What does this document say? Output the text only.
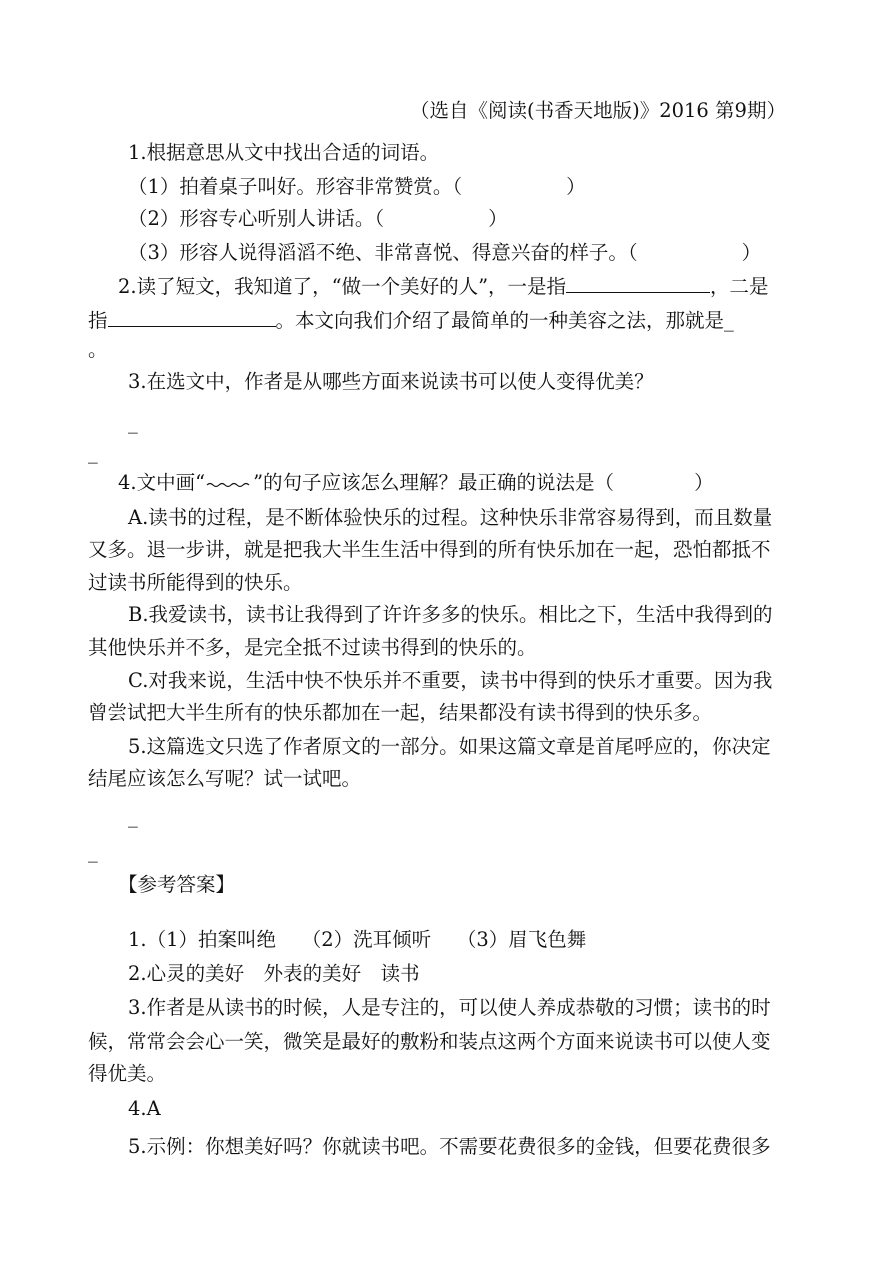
（选自《阅读(书香天地版)》2016 第9期）
1.根据意思从文中找出合适的词语。
（1）拍着桌子叫好。形容非常赞赏。（	）
（2）形容专心听别人讲话。（	）
（3）形容人说得滔滔不绝、非常喜悦、得意兴奋的样子。（	）
2.读了短文，我知道了，“做一个美好的人”，一是指	，二是
指	。本文向我们介绍了最简单的一种美容之法，那就是_
。
3.在选文中，作者是从哪些方面来说读书可以使人变得优美？
_
_
4.文中画“ ”的句子应该怎么理解？最正确的说法是（	）
A.读书的过程，是不断体验快乐的过程。这种快乐非常容易得到，而且数量
又多。退一步讲，就是把我大半生生活中得到的所有快乐加在一起，恐怕都抵不
过读书所能得到的快乐。
B.我爱读书，读书让我得到了许许多多的快乐。相比之下，生活中我得到的
其他快乐并不多，是完全抵不过读书得到的快乐的。
C.对我来说，生活中快不快乐并不重要，读书中得到的快乐才重要。因为我
曾尝试把大半生所有的快乐都加在一起，结果都没有读书得到的快乐多。
5.这篇选文只选了作者原文的一部分。如果这篇文章是首尾呼应的，你决定
结尾应该怎么写呢？试一试吧。
_
_
【参考答案】
1.（1）拍案叫绝　 （2）洗耳倾听　 （3）眉飞色舞
2.心灵的美好　外表的美好　读书
3.作者是从读书的时候，人是专注的，可以使人养成恭敬的习惯；读书的时
候，常常会会心一笑，微笑是最好的敷粉和装点这两个方面来说读书可以使人变
得优美。
4.A
5.示例：你想美好吗？你就读书吧。不需要花费很多的金钱，但要花费很多
